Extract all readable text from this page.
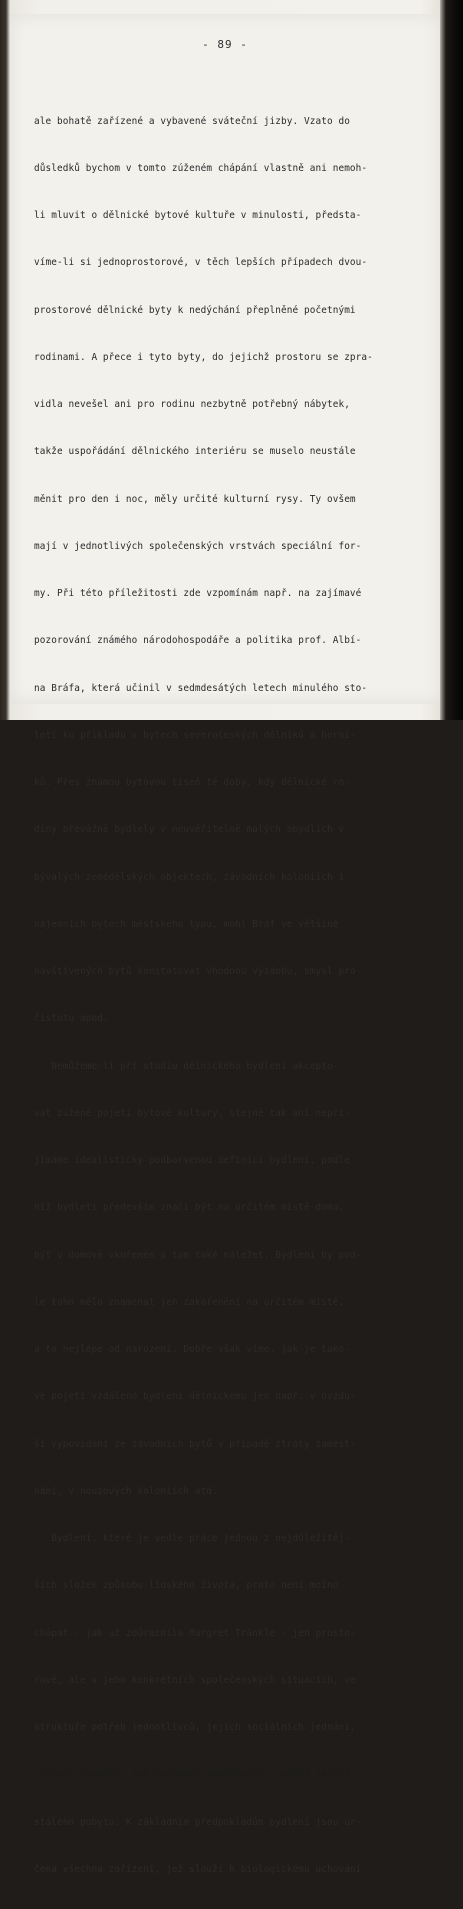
- 89 -

ale bohatě zařízené a vybavené sváteční jizby. Vzato do

důsledků bychom v tomto zúženém chápání vlastně ani nemoh-

li mluvit o dělnické bytové kultuře v minulosti, předsta-

víme-li si jednoprostorové, v těch lepších případech dvou-

prostorové dělnické byty k nedýchání přeplněné početnými

rodinami. A přece i tyto byty, do jejichž prostoru se zpra-

vidla nevešel ani pro rodinu nezbytně potřebný nábytek,

takže uspořádání dělnického interiéru se muselo neustále

měnit pro den i noc, měly určité kulturní rysy. Ty ovšem

mají v jednotlivých společenských vrstvách speciální for-

my. Při této příležitosti zde vzpomínám např. na zajímavé

pozorování známého národohospodáře a politika prof. Albí-

na Bráfa, která učinil v sedmdesátých letech minulého sto-

letí ku příkladu v bytech severočeských dělníků a horní-

ků. Přes známou bytovou tíseň té doby, kdy dělnické ro-

diny převážně bydlely v neuvěřitelně malých obydlích v

bývalých zemědělských objektech, závodních koloniích i

nájemních bytech městského typu, mohl Bráf ve většině

navštívených bytů konstatovat vhodnou výzdobu, smysl pro

čistotu apod.

Nemůžeme-li při studiu dělnického bydlení akcepto-

vat zúžené pojetí bytové kultury, stejně tak ani nepři-

jímáme idealisticky podbarvenou definici bydlení, podle

níž bydleti především značí být na určitém místě doma,

být v domově vkořeněn a tam také náležet. Bydlení by pod-

le toho mělo znamenat jen zakořenění na určitém místě,

a to nejlépe od narození. Dobře však víme, jak je tako-

vé pojetí vzdáleno bydlení dělnickému jen např. v ovzdu-

ší vypovídání ze závodních bytů v případě ztráty zaměst-

nání, v nouzových koloniích atd.

Bydlení, které je vedle práce jednou z nejdůležitěj-

ších složek způsobu lidského života, proto není možno

chápat - jak už zdůraznila Margret Tränkle - jen prosto-

rově, ale v jeho konkrétních společenských situacích, ve

struktuře potřeb jednotlivců, jejich sociálních jednání,

způsobu chování, jež se denně odehrávají v místě jejich

stálého pobytu. K základním předpokladům bydlení jsou ur-

čena všechna zařízení, jež slouží k biologickému uchování
